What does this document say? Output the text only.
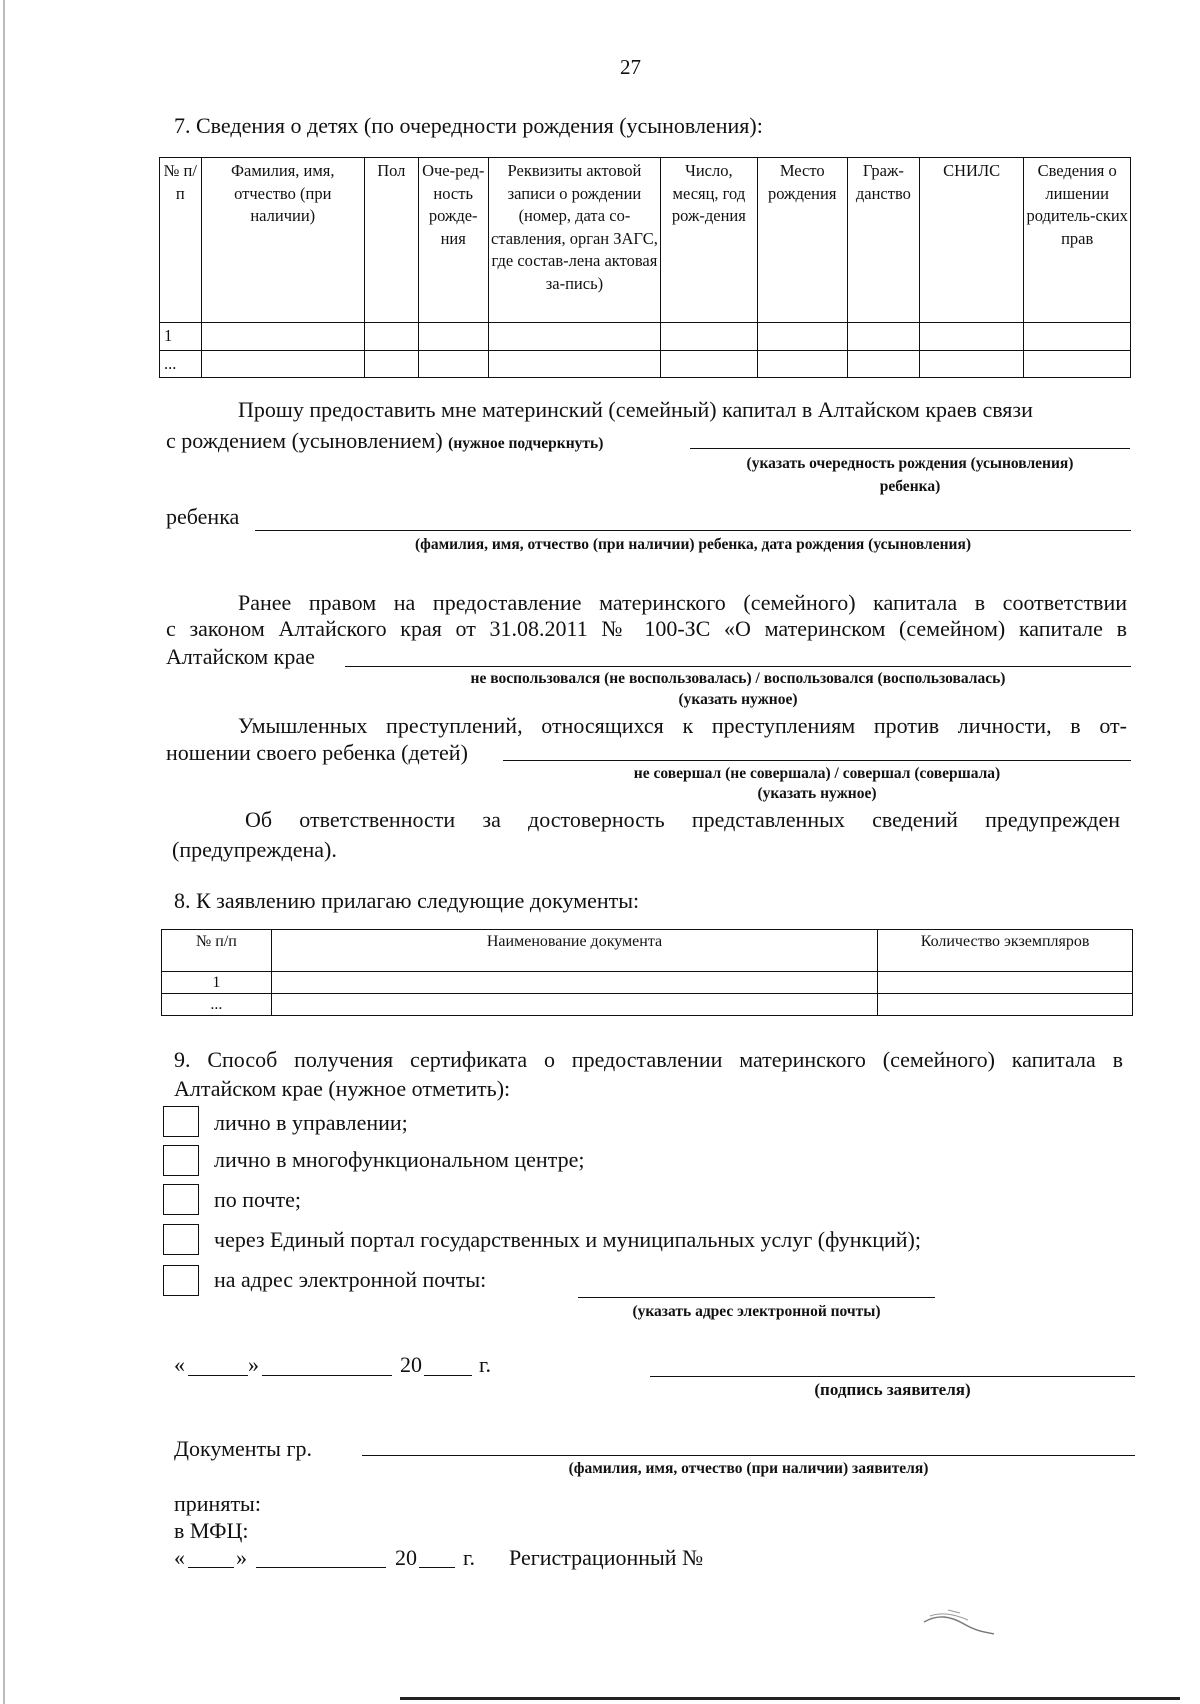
27
7. Сведения о детях (по очередности рождения (усыновления):
№ п/п	Фамилия, имя, отчество (при наличии)	Пол	Оче-ред-ность рожде-ния	Реквизиты актовой записи о рождении (номер, дата со-ставления, орган ЗАГС, где состав-лена актовая за-пись)	Число, месяц, год рож-дения	Место рождения	Граж-данство	СНИЛС	Сведения о лишении родитель-ских прав
1									
...									
Прошу предоставить мне материнский (семейный) капитал в Алтайском краев связи
с рождением (усыновлением) (нужное подчеркнуть)
(указать очередность рождения (усыновления)
ребенка)
ребенка
(фамилия, имя, отчество (при наличии) ребенка, дата рождения (усыновления)
Ранее правом на предоставление материнского (семейного) капитала в соответствии
с законом Алтайского края от 31.08.2011 № 100-ЗС «О материнском (семейном) капитале в
Алтайском крае
не воспользовался (не воспользовалась) / воспользовался (воспользовалась)
(указать нужное)
Умышленных преступлений, относящихся к преступлениям против личности, в от-
ношении своего ребенка (детей)
не совершал (не совершала) / совершал (совершала)
(указать нужное)
Об ответственности за достоверность представленных сведений предупрежден
(предупреждена).
8. К заявлению прилагаю следующие документы:
№ п/п	Наименование документа	Количество экземпляров
1		
...		
9. Способ получения сертификата о предоставлении материнского (семейного) капитала в
Алтайском крае (нужное отметить):
лично в управлении;
лично в многофункциональном центре;
по почте;
через Единый портал государственных и муниципальных услуг (функций);
на адрес электронной почты:
(указать адрес электронной почты)
«	»	20	г.
(подпись заявителя)
Документы гр.
(фамилия, имя, отчество (при наличии) заявителя)
приняты:
в МФЦ:
« »	20 г. Регистрационный №
